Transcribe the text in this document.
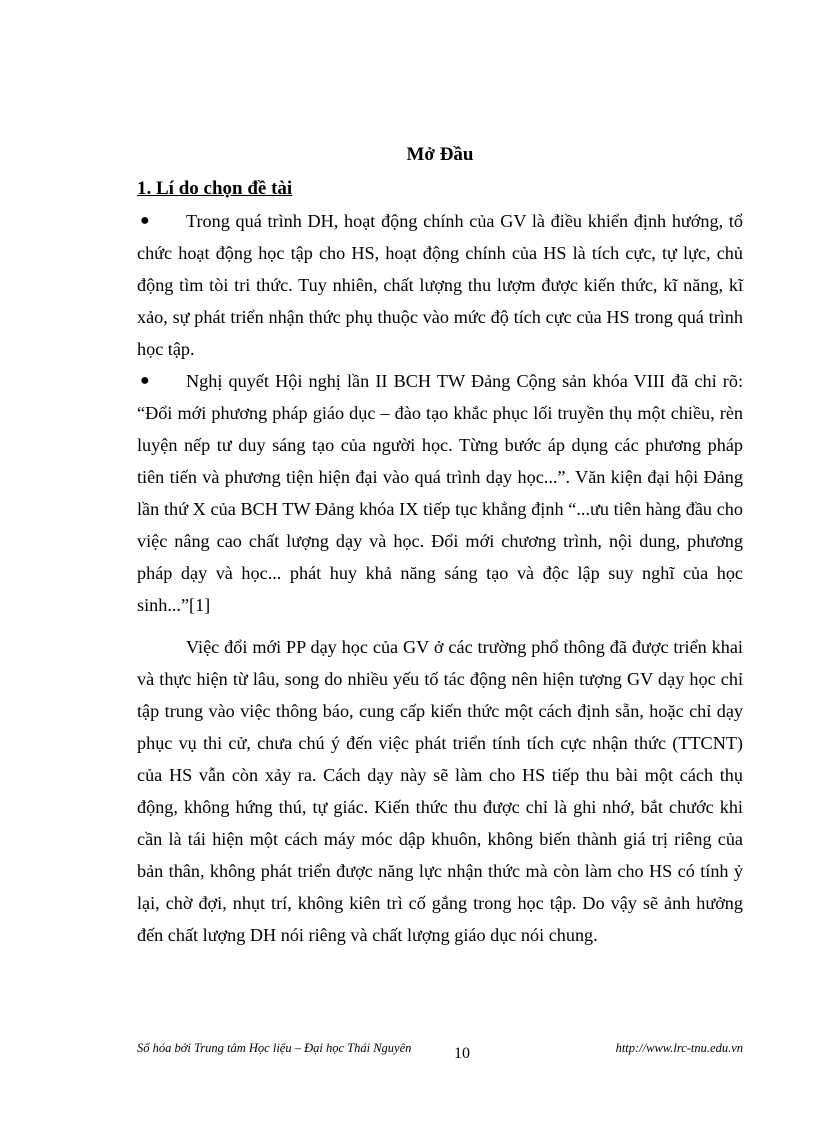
Mở Đầu
1. Lí do chọn đề tài

● Trong quá trình DH, hoạt động chính của GV là điều khiển định hướng, tổ chức hoạt động học tập cho HS, hoạt động chính của HS là tích cực, tự lực, chủ động tìm tòi tri thức. Tuy nhiên, chất lượng thu lượm được kiến thức, kĩ năng, kĩ xảo, sự phát triển nhận thức phụ thuộc vào mức độ tích cực của HS trong quá trình học tập.

● Nghị quyết Hội nghị lần II BCH TW Đảng Cộng sản khóa VIII đã chỉ rõ: “Đổi mới phương pháp giáo dục – đào tạo khắc phục lối truyền thụ một chiều, rèn luyện nếp tư duy sáng tạo của người học. Từng bước áp dụng các phương pháp tiên tiến và phương tiện hiện đại vào quá trình dạy học...”. Văn kiện đại hội Đảng lần thứ X của BCH TW Đảng khóa IX tiếp tục khẳng định “...ưu tiên hàng đầu cho việc nâng cao chất lượng dạy và học. Đổi mới chương trình, nội dung, phương pháp dạy và học... phát huy khả năng sáng tạo và độc lập suy nghĩ của học sinh...”[1]

Việc đổi mới PP dạy học của GV ở các trường phổ thông đã được triển khai và thực hiện từ lâu, song do nhiều yếu tố tác động nên hiện tượng GV dạy học chỉ tập trung vào việc thông báo, cung cấp kiến thức một cách định sẵn, hoặc chỉ dạy phục vụ thi cử, chưa chú ý đến việc phát triển tính tích cực nhận thức (TTCNT) của HS vẫn còn xảy ra. Cách dạy này sẽ làm cho HS tiếp thu bài một cách thụ động, không hứng thú, tự giác. Kiến thức thu được chỉ là ghi nhớ, bắt chước khi cần là tái hiện một cách máy móc dập khuôn, không biến thành giá trị riêng của bản thân, không phát triển được năng lực nhận thức mà còn làm cho HS có tính ỷ lại, chờ đợi, nhụt trí, không kiên trì cố gắng trong học tập. Do vậy sẽ ảnh hưởng đến chất lượng DH nói riêng và chất lượng giáo dục nói chung.

Số hóa bởi Trung tâm Học liệu – Đại học Thái Nguyên	10	http://www.lrc-tnu.edu.vn
